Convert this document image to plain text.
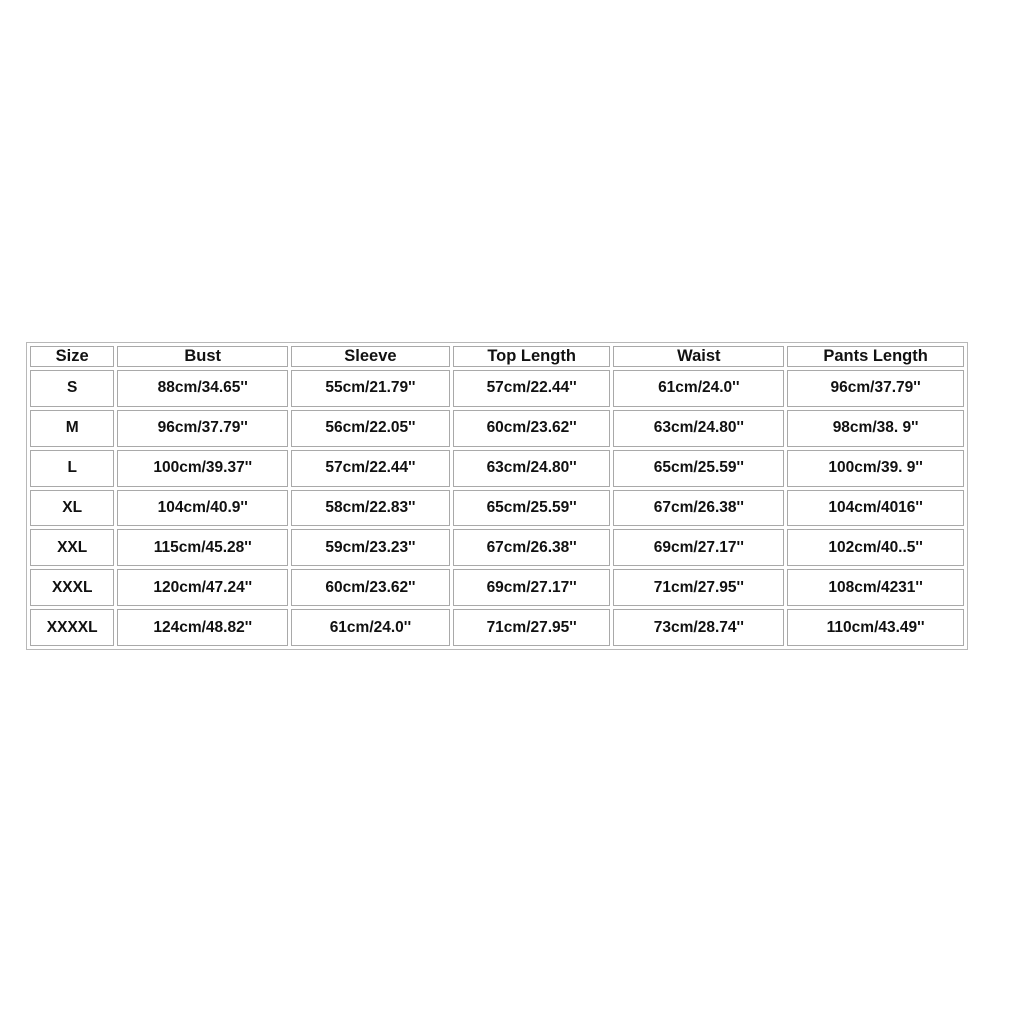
Size	Bust	Sleeve	Top Length	Waist	Pants Length
S	88cm/34.65''	55cm/21.79''	57cm/22.44''	61cm/24.0''	96cm/37.79''
M	96cm/37.79''	56cm/22.05''	60cm/23.62''	63cm/24.80''	98cm/38. 9''
L	100cm/39.37''	57cm/22.44''	63cm/24.80''	65cm/25.59''	100cm/39. 9''
XL	104cm/40.9''	58cm/22.83''	65cm/25.59''	67cm/26.38''	104cm/4016''
XXL	115cm/45.28''	59cm/23.23''	67cm/26.38''	69cm/27.17''	102cm/40..5''
XXXL	120cm/47.24''	60cm/23.62''	69cm/27.17''	71cm/27.95''	108cm/4231''
XXXXL	124cm/48.82''	61cm/24.0''	71cm/27.95''	73cm/28.74''	110cm/43.49''
